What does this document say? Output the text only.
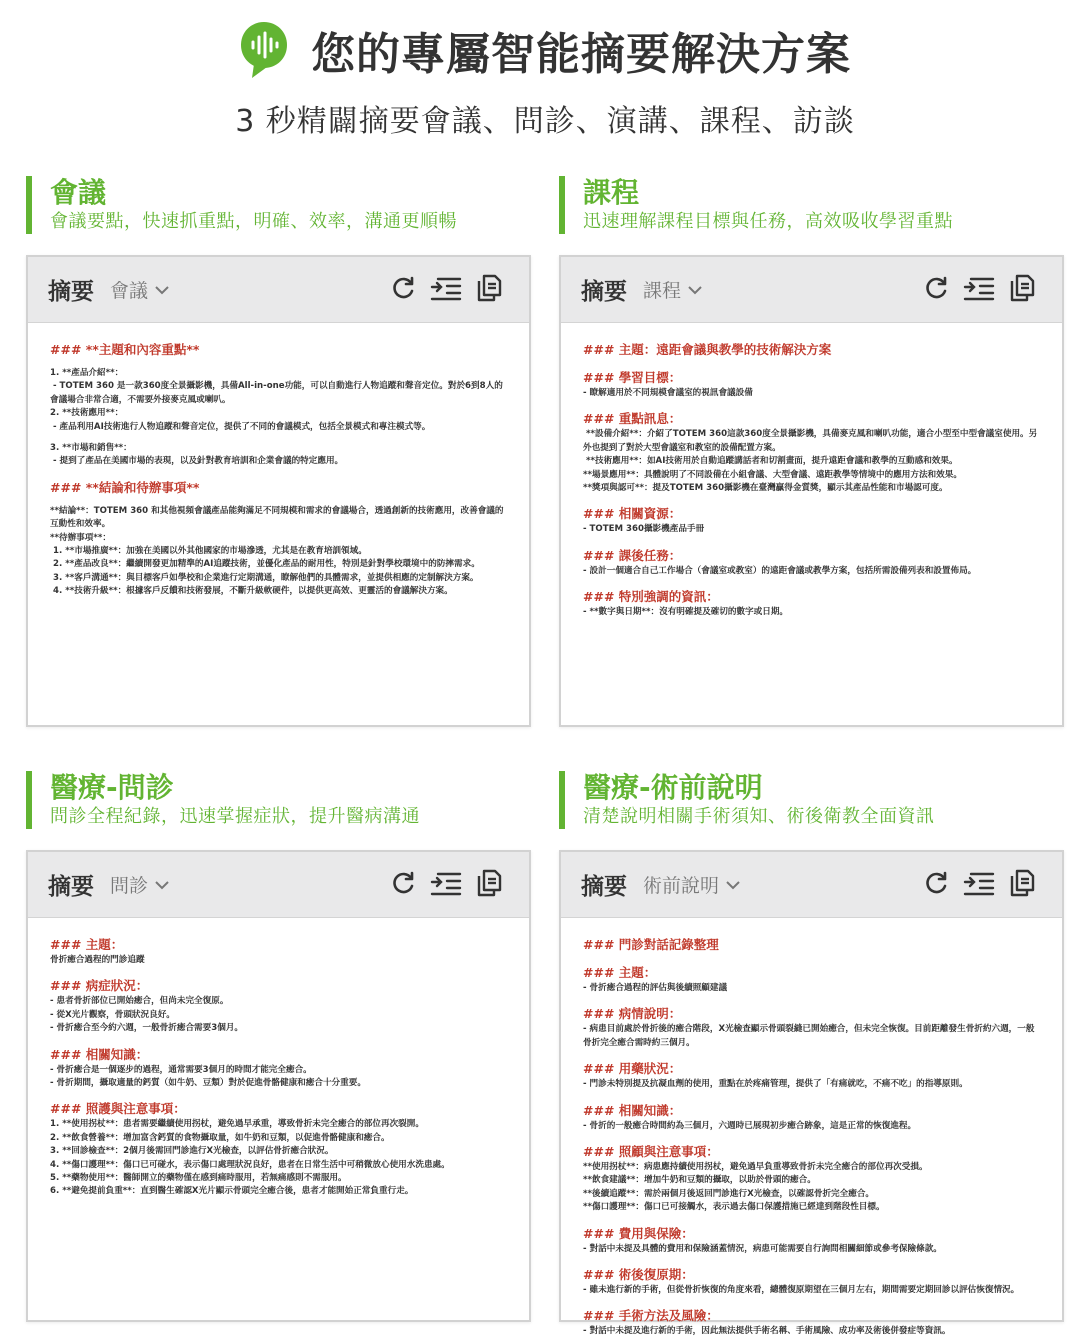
您的專屬智能摘要解決方案
3 秒精闢摘要會議、問診、演講、課程、訪談
會議
會議要點，快速抓重點，明確、效率，溝通更順暢
摘要 會議
### **主題和內容重點**
1. **產品介紹**：
- TOTEM 360 是一款360度全景攝影機，具備All-in-one功能，可以自動進行人物追蹤和聲音定位。對於6到8人的會議場合非常合適，不需要外接麥克風或喇叭。
2. **技術應用**：
- 產品利用AI技術進行人物追蹤和聲音定位，提供了不同的會議模式，包括全景模式和專注模式等。
3. **市場和銷售**：
- 提到了產品在美國市場的表現，以及針對教育培訓和企業會議的特定應用。
### **結論和待辦事項**
**結論**：TOTEM 360 和其他視頻會議產品能夠滿足不同規模和需求的會議場合，透過創新的技術應用，改善會議的互動性和效率。
**待辦事項**：
1. **市場推廣**：加強在美國以外其他國家的市場滲透，尤其是在教育培訓領域。
2. **產品改良**：繼續開發更加精準的AI追蹤技術，並優化產品的耐用性，特別是針對學校環境中的防摔需求。
3. **客戶溝通**：與目標客戶如學校和企業進行定期溝通，瞭解他們的具體需求，並提供相應的定制解決方案。
4. **技術升級**：根據客戶反饋和技術發展，不斷升級軟硬件，以提供更高效、更靈活的會議解決方案。
課程
迅速理解課程目標與任務，高效吸收學習重點
摘要 課程
### 主題：遠距會議與教學的技術解決方案
### 學習目標：
- 瞭解適用於不同規模會議室的視訊會議設備
### 重點訊息：
**設備介紹**：介紹了TOTEM 360這款360度全景攝影機，具備麥克風和喇叭功能，適合小型至中型會議室使用。另外也提到了對於大型會議室和教室的設備配置方案。
**技術應用**：如AI技術用於自動追蹤講話者和切割畫面，提升遠距會議和教學的互動感和效果。
**場景應用**：具體說明了不同設備在小組會議、大型會議、遠距教學等情境中的應用方法和效果。
**獎項與認可**：提及TOTEM 360攝影機在臺灣贏得金質獎，顯示其產品性能和市場認可度。
### 相關資源：
- TOTEM 360攝影機產品手冊
### 課後任務：
- 設計一個適合自己工作場合（會議室或教室）的遠距會議或教學方案，包括所需設備列表和設置佈局。
### 特別強調的資訊：
- **數字與日期**：沒有明確提及確切的數字或日期。
醫療-問診
問診全程紀錄，迅速掌握症狀，提升醫病溝通
摘要 問診
### 主題：
骨折癒合過程的門診追蹤
### 病症狀況：
- 患者骨折部位已開始癒合，但尚未完全復原。
- 從X光片觀察，骨頭狀況良好。
- 骨折癒合至今約六週，一般骨折癒合需要3個月。
### 相關知識：
- 骨折癒合是一個逐步的過程，通常需要3個月的時間才能完全癒合。
- 骨折期間，攝取適量的鈣質（如牛奶、豆類）對於促進骨骼健康和癒合十分重要。
### 照護與注意事項：
1. **使用拐杖**：患者需要繼續使用拐杖，避免過早承重，導致骨折未完全癒合的部位再次裂開。
2. **飲食營養**：增加富含鈣質的食物攝取量，如牛奶和豆類，以促進骨骼健康和癒合。
3. **回診檢查**：2個月後需回門診進行X光檢查，以評估骨折癒合狀況。
4. **傷口護理**：傷口已可碰水，表示傷口處理狀況良好，患者在日常生活中可稍微放心使用水洗患處。
5. **藥物使用**：醫師開立的藥物僅在感到痛時服用，若無痛感則不需服用。
6. **避免提前負重**：直到醫生確認X光片顯示骨頭完全癒合後，患者才能開始正常負重行走。
醫療-術前說明
清楚說明相關手術須知、術後衛教全面資訊
摘要 術前說明
### 門診對話記錄整理
### 主題：
- 骨折癒合過程的評估與後續照顧建議
### 病情說明：
- 病患目前處於骨折後的癒合階段，X光檢查顯示骨頭裂縫已開始癒合，但未完全恢復。目前距離發生骨折約六週，一般骨折完全癒合需時約三個月。
### 用藥狀況：
- 門診未特別提及抗凝血劑的使用，重點在於疼痛管理，提供了「有痛就吃，不痛不吃」的指導原則。
### 相關知識：
- 骨折的一般癒合時間約為三個月，六週時已展現初步癒合跡象，這是正常的恢復進程。
### 照顧與注意事項：
**使用拐杖**：病患應持續使用拐杖，避免過早負重導致骨折未完全癒合的部位再次受損。
**飲食建議**：增加牛奶和豆類的攝取，以助於骨頭的癒合。
**後續追蹤**：需於兩個月後返回門診進行X光檢查，以確認骨折完全癒合。
**傷口護理**：傷口已可接觸水，表示過去傷口保護措施已經達到階段性目標。
### 費用與保險：
- 對話中未提及具體的費用和保險涵蓋情況，病患可能需要自行詢問相關細節或參考保險條款。
### 術後復原期：
- 雖未進行新的手術，但從骨折恢復的角度來看，總體復原期望在三個月左右，期間需要定期回診以評估恢復情況。
### 手術方法及風險：
- 對話中未提及進行新的手術，因此無法提供手術名稱、手術風險、成功率及術後併發症等資訊。
